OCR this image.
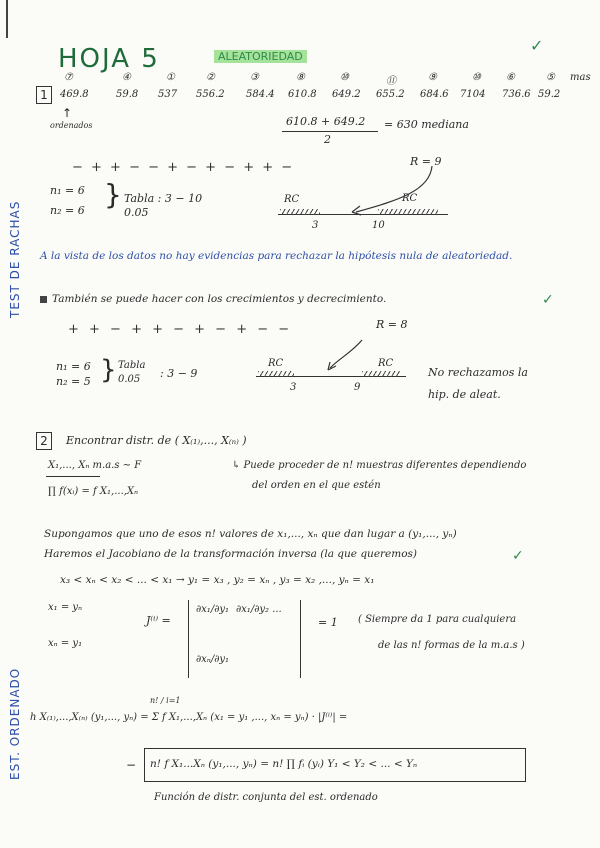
HOJA 5	ALEATORIEDAD
✓
TEST DE RACHAS
EST. ORDENADO
1
⑦	④	①	②	③	⑧	⑩	⑪	⑨	⑩	⑥	⑤ mas
469.8	59.8 537 556.2 584.4 610.8 649.2 655.2 684.6 7104 736.6 59.2
↑
ordenados	610.8 + 649.2
2
= 630 mediana
− + + − − + − + − + + −	R = 9
n₁ = 6
n₂ = 6 } Tabla : 3 − 10
0.05
RC	RC
3	10
A la vista de los datos no hay evidencias para rechazar la hipótesis nula de aleatoriedad.
También se puede hacer con los crecimientos y decrecimiento.	✓
+ + − + + − + − + − −	R = 8
n₁ = 6
n₂ = 5 } Tabla
0.05 : 3 − 9
RC	RC
3	9
No rechazamos la
hip. de aleat.
2	Encontrar distr. de ( X₍₁₎,..., X₍ₙ₎ )
X₁,..., Xₙ m.a.s ∼ F
∏ f(xᵢ) = f X₁,...,Xₙ
↳ Puede proceder de n! muestras diferentes dependiendo
del orden en el que estén
Supongamos que uno de esos n! valores de x₁,..., xₙ que dan lugar a (y₁,..., yₙ)
Haremos el Jacobiano de la transformación inversa (la que queremos)	✓
x₃ < xₙ < x₂ < ... < x₁ → y₁ = x₃ , y₂ = xₙ , y₃ = x₂ ,..., yₙ = x₁
x₁ = yₙ
xₙ = y₁
J⁽ⁱ⁾ =
∂x₁/∂y₁ ∂x₁/∂y₂ ...
∂xₙ/∂y₁
= 1 ( Siempre da 1 para cualquiera
de las n! formas de la m.a.s )
h X₍₁₎,...,X₍ₙ₎ (y₁,..., yₙ) = Σ f X₁,...,Xₙ (x₁ = y₁ ,..., xₙ = yₙ) · |J⁽ⁱ⁾| =
n! / i=1
− n! f X₁...Xₙ (y₁,..., yₙ) = n! ∏ fᵢ (yᵢ) Y₁ < Y₂ < ... < Yₙ
Función de distr. conjunta del est. ordenado
